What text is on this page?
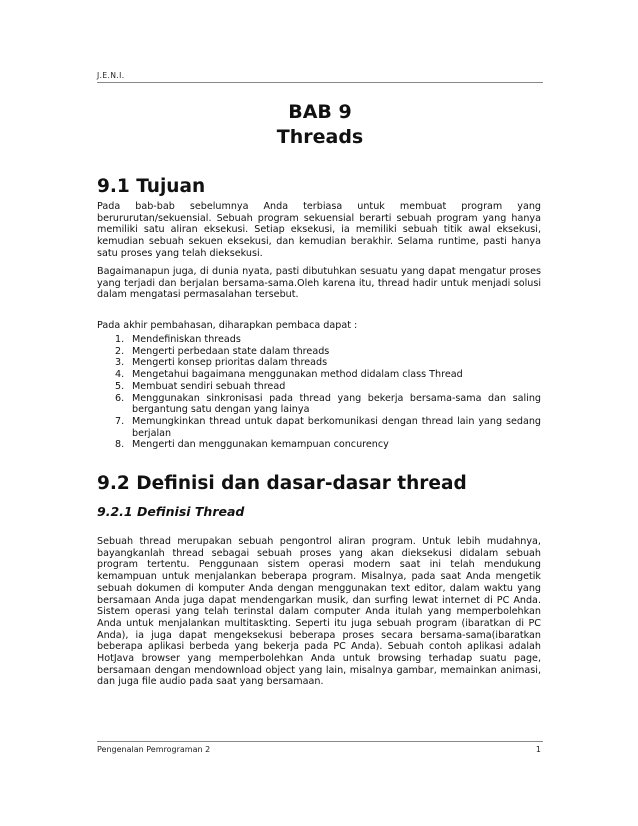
J.E.N.I.
BAB 9
Threads
9.1 Tujuan

Pada bab-bab sebelumnya Anda terbiasa untuk membuat program yang berururutan/sekuensial. Sebuah program sekuensial berarti sebuah program yang hanya memiliki satu aliran eksekusi. Setiap eksekusi, ia memiliki sebuah titik awal eksekusi, kemudian sebuah sekuen eksekusi, dan kemudian berakhir. Selama runtime, pasti hanya satu proses yang telah dieksekusi.

Bagaimanapun juga, di dunia nyata, pasti dibutuhkan sesuatu yang dapat mengatur proses yang terjadi dan berjalan bersama-sama.Oleh karena itu, thread hadir untuk menjadi solusi dalam mengatasi permasalahan tersebut.

Pada akhir pembahasan, diharapkan pembaca dapat :

1. Mendefiniskan threads
2. Mengerti perbedaan state dalam threads
3. Mengerti konsep prioritas dalam threads
4. Mengetahui bagaimana menggunakan method didalam class Thread
5. Membuat sendiri sebuah thread
6. Menggunakan sinkronisasi pada thread yang bekerja bersama-sama dan saling bergantung satu dengan yang lainya
7. Memungkinkan thread untuk dapat berkomunikasi dengan thread lain yang sedang berjalan
8. Mengerti dan menggunakan kemampuan concurency
9.2 Definisi dan dasar-dasar thread
9.2.1 Definisi Thread

Sebuah thread merupakan sebuah pengontrol aliran program. Untuk lebih mudahnya, bayangkanlah thread sebagai sebuah proses yang akan dieksekusi didalam sebuah program tertentu. Penggunaan sistem operasi modern saat ini telah mendukung kemampuan untuk menjalankan beberapa program. Misalnya, pada saat Anda mengetik sebuah dokumen di komputer Anda dengan menggunakan text editor, dalam waktu yang bersamaan Anda juga dapat mendengarkan musik, dan surfing lewat internet di PC Anda. Sistem operasi yang telah terinstal dalam computer Anda itulah yang memperbolehkan Anda untuk menjalankan multitaskting. Seperti itu juga sebuah program (ibaratkan di PC Anda), ia juga dapat mengeksekusi beberapa proses secara bersama-sama(ibaratkan beberapa aplikasi berbeda yang bekerja pada PC Anda). Sebuah contoh aplikasi adalah HotJava browser yang memperbolehkan Anda untuk browsing terhadap suatu page, bersamaan dengan mendownload object yang lain, misalnya gambar, memainkan animasi, dan juga file audio pada saat yang bersamaan.

Pengenalan Pemrograman 2	1
